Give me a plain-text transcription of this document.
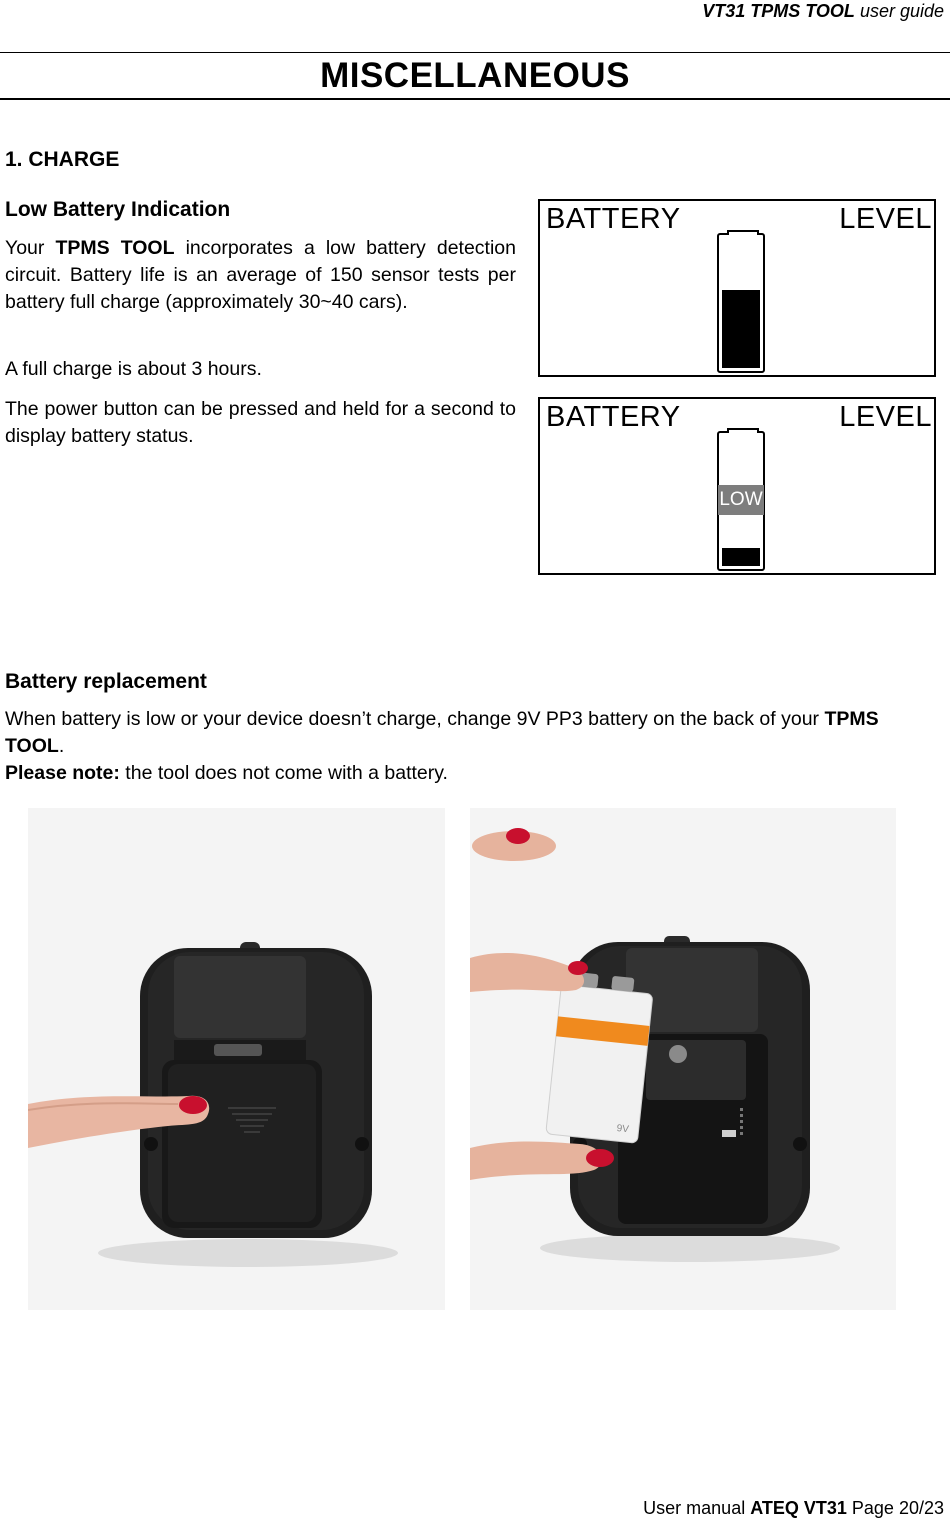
VT31 TPMS TOOL user guide
MISCELLANEOUS
1. CHARGE
Low Battery Indication
Your TPMS TOOL incorporates a low battery detection circuit. Battery life is an average of 150 sensor tests per battery full charge (approximately 30~40 cars).
A full charge is about 3 hours.
The power button can be pressed and held for a second to display battery status.
BATTERY	LEVEL
BATTERY	LEVEL
LOW
Battery replacement
When battery is low or your device doesn’t charge, change 9V PP3 battery on the back of your TPMS TOOL.
Please note: the tool does not come with a battery.
9V
User manual ATEQ VT31 Page 20/23
